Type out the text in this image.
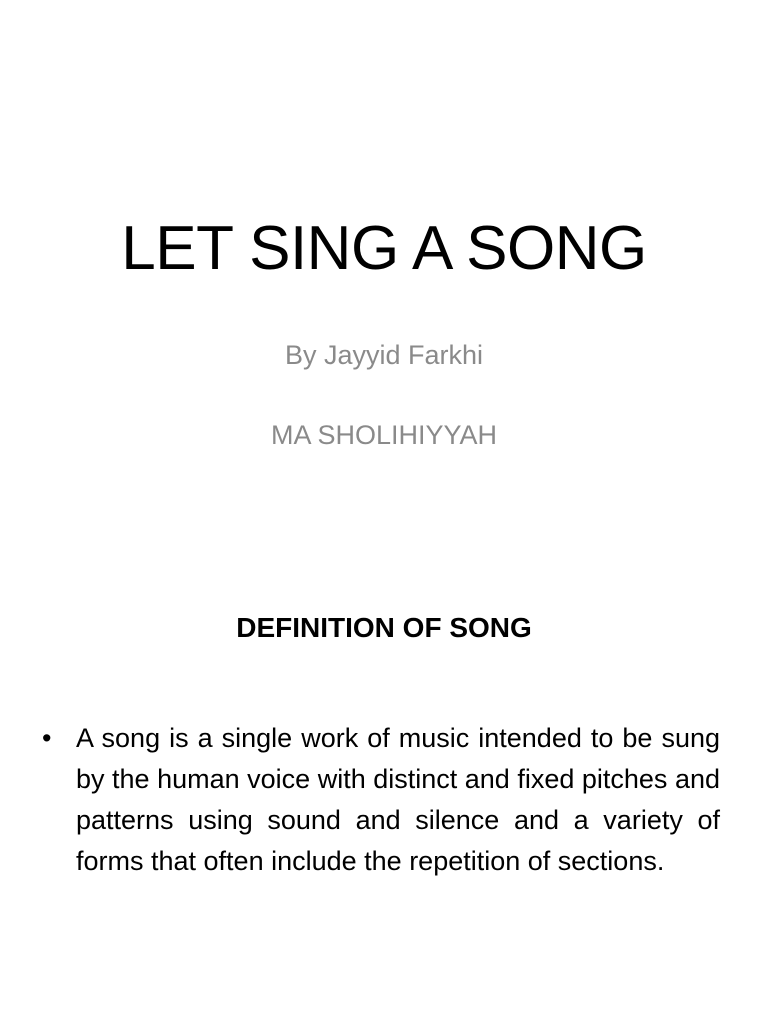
LET SING A SONG

By Jayyid Farkhi

MA SHOLIHIYYAH

DEFINITION OF SONG
• A song is a single work of music intended to be sung by the human voice with distinct and fixed pitches and patterns using sound and silence and a variety of forms that often include the repetition of sections.
